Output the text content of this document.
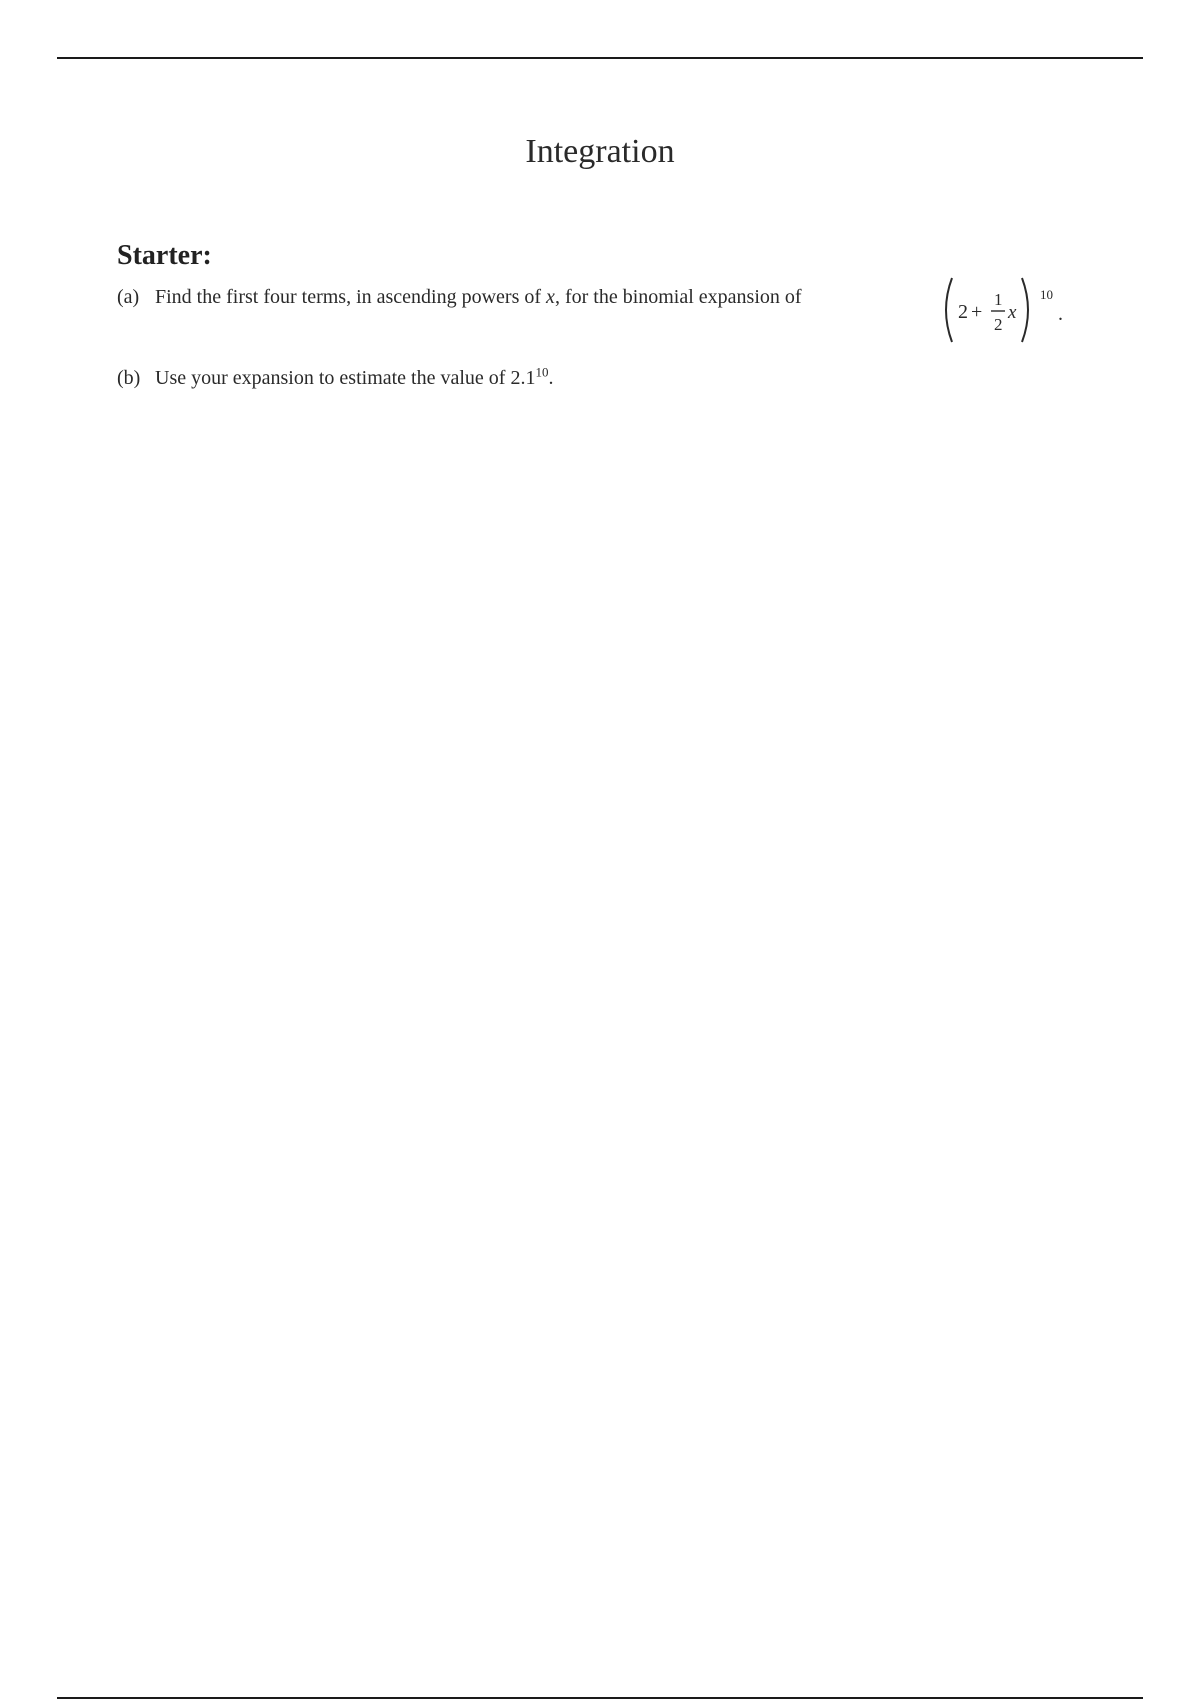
Integration
Starter:
(a) Find the first four terms, in ascending powers of x, for the binomial expansion of
2 +
1
2
x
10
.
(b) Use your expansion to estimate the value of $2.1^{10}$.
